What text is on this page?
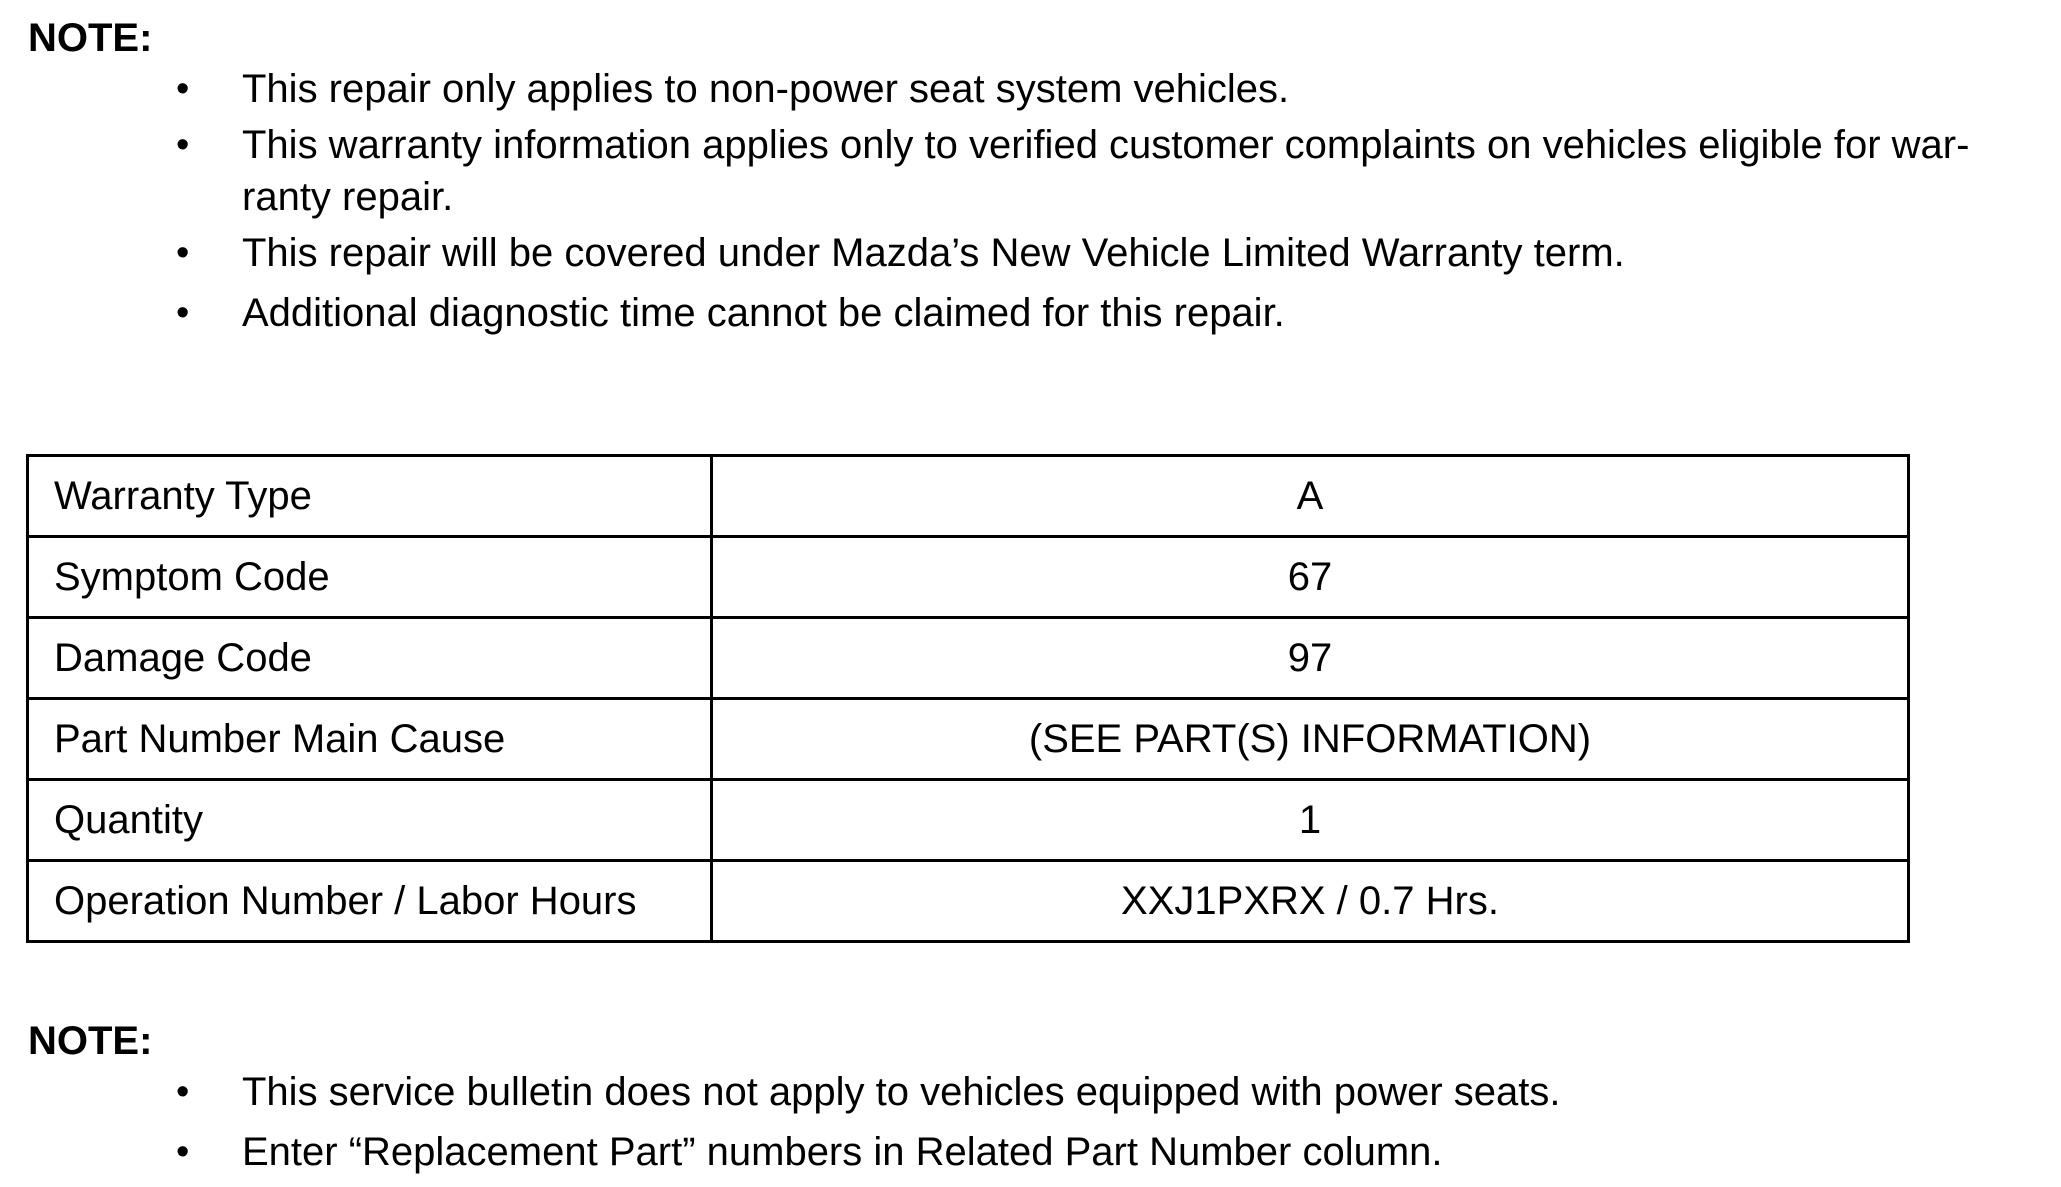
NOTE:
• This repair only applies to non-power seat system vehicles.
• This warranty information applies only to verified customer complaints on vehicles eligible for war-
ranty repair.
• This repair will be covered under Mazda’s New Vehicle Limited Warranty term.
• Additional diagnostic time cannot be claimed for this repair.
Warranty Type	A
Symptom Code	67
Damage Code	97
Part Number Main Cause	(SEE PART(S) INFORMATION)
Quantity	1
Operation Number / Labor Hours	XXJ1PXRX / 0.7 Hrs.
NOTE:
• This service bulletin does not apply to vehicles equipped with power seats.
• Enter “Replacement Part” numbers in Related Part Number column.
